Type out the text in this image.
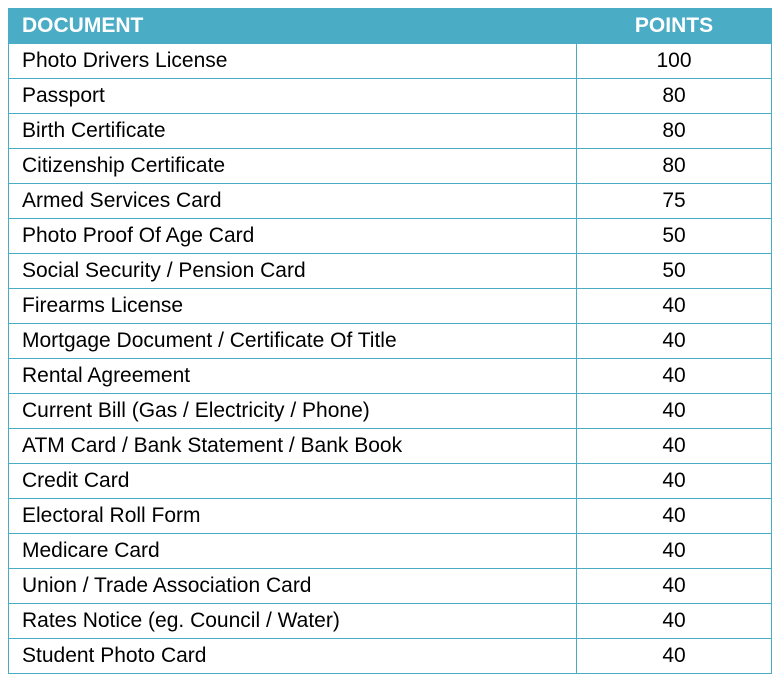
DOCUMENT	POINTS
Photo Drivers License	100
Passport	80
Birth Certificate	80
Citizenship Certificate	80
Armed Services Card	75
Photo Proof Of Age Card	50
Social Security / Pension Card	50
Firearms License	40
Mortgage Document / Certificate Of Title	40
Rental Agreement	40
Current Bill (Gas / Electricity / Phone)	40
ATM Card / Bank Statement / Bank Book	40
Credit Card	40
Electoral Roll Form	40
Medicare Card	40
Union / Trade Association Card	40
Rates Notice (eg. Council / Water)	40
Student Photo Card	40
